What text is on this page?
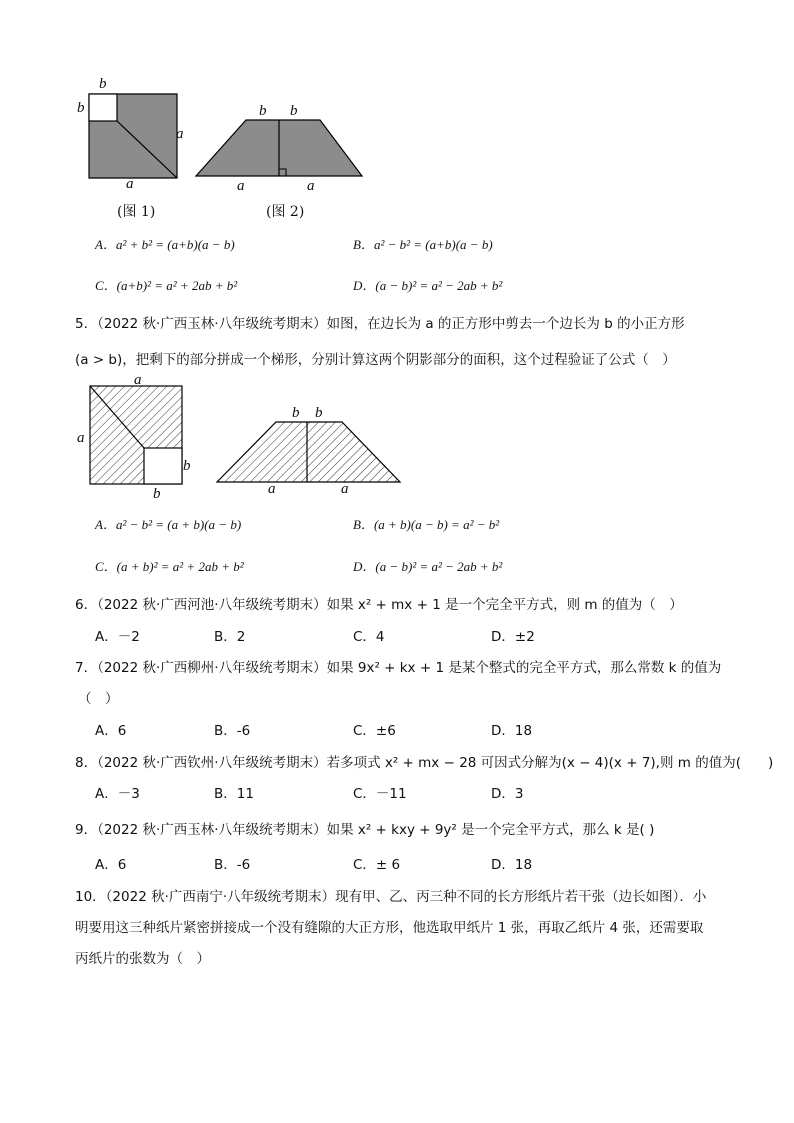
b
b
a
a
(图 1)
b b
a	a
(图 2)
A．a² + b² = (a+b)(a − b)	B．a² − b² = (a+b)(a − b)
C．(a+b)² = a² + 2ab + b²	D．(a − b)² = a² − 2ab + b²
5．（2022 秋·广西玉林·八年级统考期末）如图，在边长为 a 的正方形中剪去一个边长为 b 的小正方形
(a > b)，把剩下的部分拼成一个梯形，分别计算这两个阴影部分的面积，这个过程验证了公式（　）
a
a
b
b
b b
a	a
A．a² − b² = (a + b)(a − b)	B．(a + b)(a − b) = a² − b²
C．(a + b)² = a² + 2ab + b²	D．(a − b)² = a² − 2ab + b²
6．（2022 秋·广西河池·八年级统考期末）如果 x² + mx + 1 是一个完全平方式，则 m 的值为（　）
A．－2	B．2	C．4	D．±2
7．（2022 秋·广西柳州·八年级统考期末）如果 9x² + kx + 1 是某个整式的完全平方式，那么常数 k 的值为
（　）
A．6	B．-6	C．±6	D．18
8．（2022 秋·广西钦州·八年级统考期末）若多项式 x² + mx − 28 可因式分解为(x − 4)(x + 7),则 m 的值为(　　)
A．－3	B．11	C．－11	D．3
9．（2022 秋·广西玉林·八年级统考期末）如果 x² + kxy + 9y² 是一个完全平方式，那么 k 是( )
A．6	B．-6	C．± 6	D．18
10．（2022 秋·广西南宁·八年级统考期末）现有甲、乙、丙三种不同的长方形纸片若干张（边长如图）．小
明要用这三种纸片紧密拼接成一个没有缝隙的大正方形，他选取甲纸片 1 张，再取乙纸片 4 张，还需要取
丙纸片的张数为（　）
